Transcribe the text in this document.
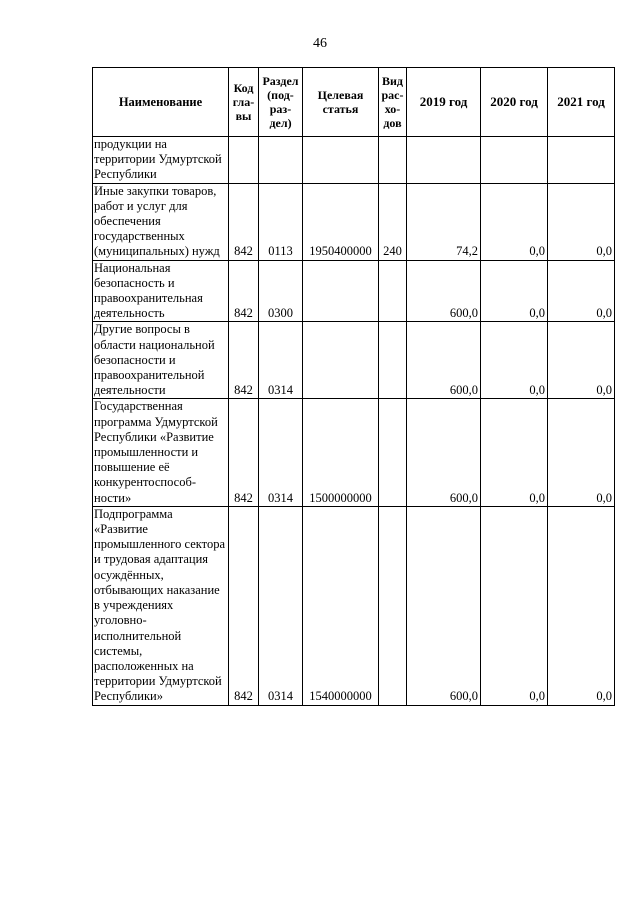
46
Наименование	Код гла- вы	Раздел (под- раз- дел)	Целевая статья	Вид рас- хо- дов	2019 год	2020 год	2021 год
продукции на территории Удмуртской Республики							
Иные закупки товаров, работ и услуг для обеспечения государственных (муниципальных) нужд	842	0113	1950400000	240	74,2	0,0	0,0
Национальная безопасность и правоохранительная деятельность	842	0300			600,0	0,0	0,0
Другие вопросы в области национальной безопасности и правоохранительной деятельности	842	0314			600,0	0,0	0,0
Государственная программа Удмуртской Республики «Развитие промышленности и повышение её конкурентоспособ- ности»	842	0314	1500000000		600,0	0,0	0,0
Подпрограмма «Развитие промышленного сектора и трудовая адаптация осуждённых, отбывающих наказание в учреждениях уголовно- исполнительной системы, расположенных на территории Удмуртской Республики»	842	0314	1540000000		600,0	0,0	0,0
